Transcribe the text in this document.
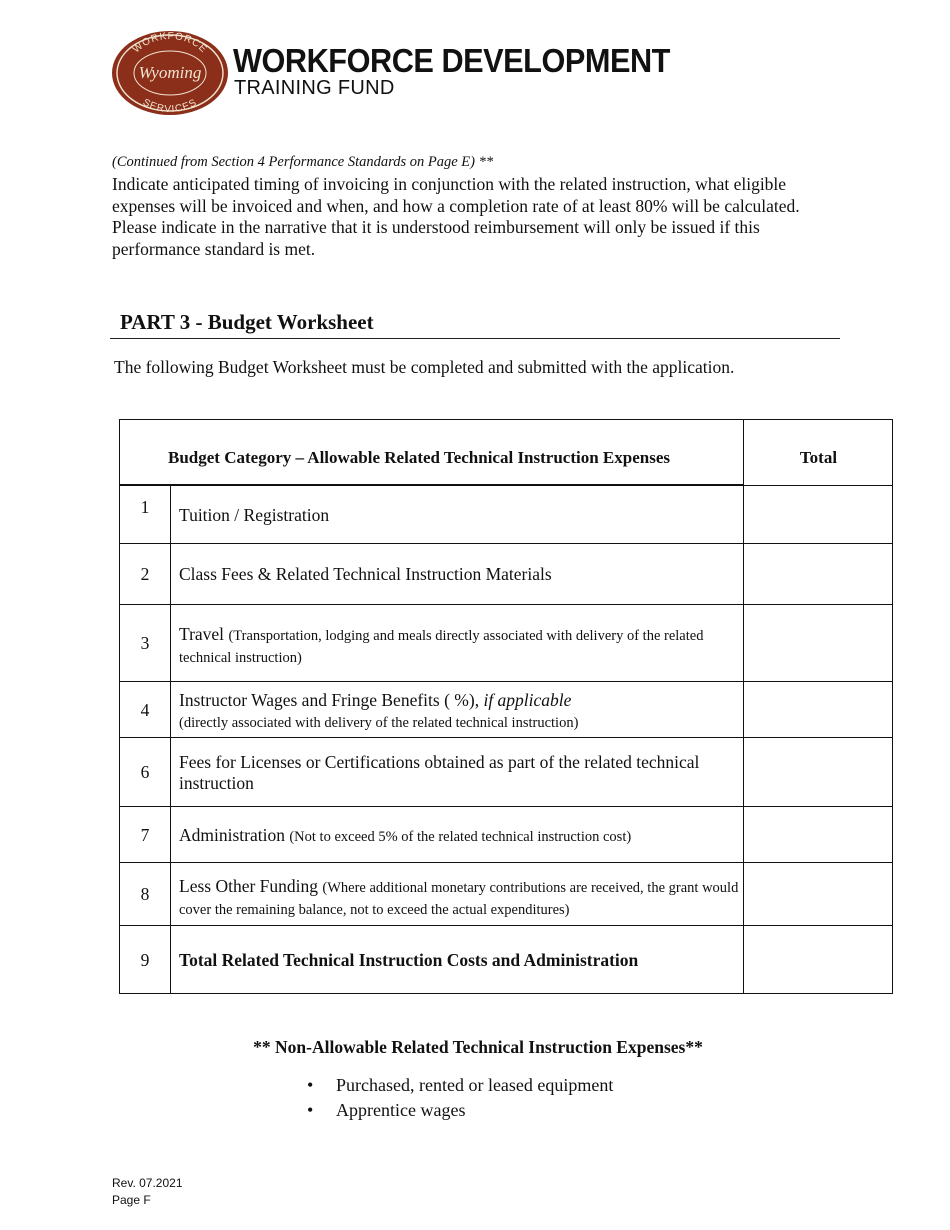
WORKFORCE
SERVICES
Wyoming WORKFORCE DEVELOPMENT
TRAINING FUND
(Continued from Section 4 Performance Standards on Page E) **
Indicate anticipated timing of invoicing in conjunction with the related instruction, what eligible expenses will be invoiced and when, and how a completion rate of at least 80% will be calculated. Please indicate in the narrative that it is understood reimbursement will only be issued if this performance standard is met.
PART 3 - Budget Worksheet
The following Budget Worksheet must be completed and submitted with the application.
Budget Category – Allowable Related Technical Instruction Expenses	Total
1	Tuition / Registration
2	Class Fees & Related Technical Instruction Materials
3	Travel (Transportation, lodging and meals directly associated with delivery of the related technical instruction)
4	Instructor Wages and Fringe Benefits ( %), if applicable
(directly associated with delivery of the related technical instruction)
6	Fees for Licenses or Certifications obtained as part of the related technical instruction
7	Administration (Not to exceed 5% of the related technical instruction cost)
8	Less Other Funding (Where additional monetary contributions are received, the grant would cover the remaining balance, not to exceed the actual expenditures)
9	Total Related Technical Instruction Costs and Administration
** Non-Allowable Related Technical Instruction Expenses**
• Purchased, rented or leased equipment
• Apprentice wages
Rev. 07.2021
Page F
